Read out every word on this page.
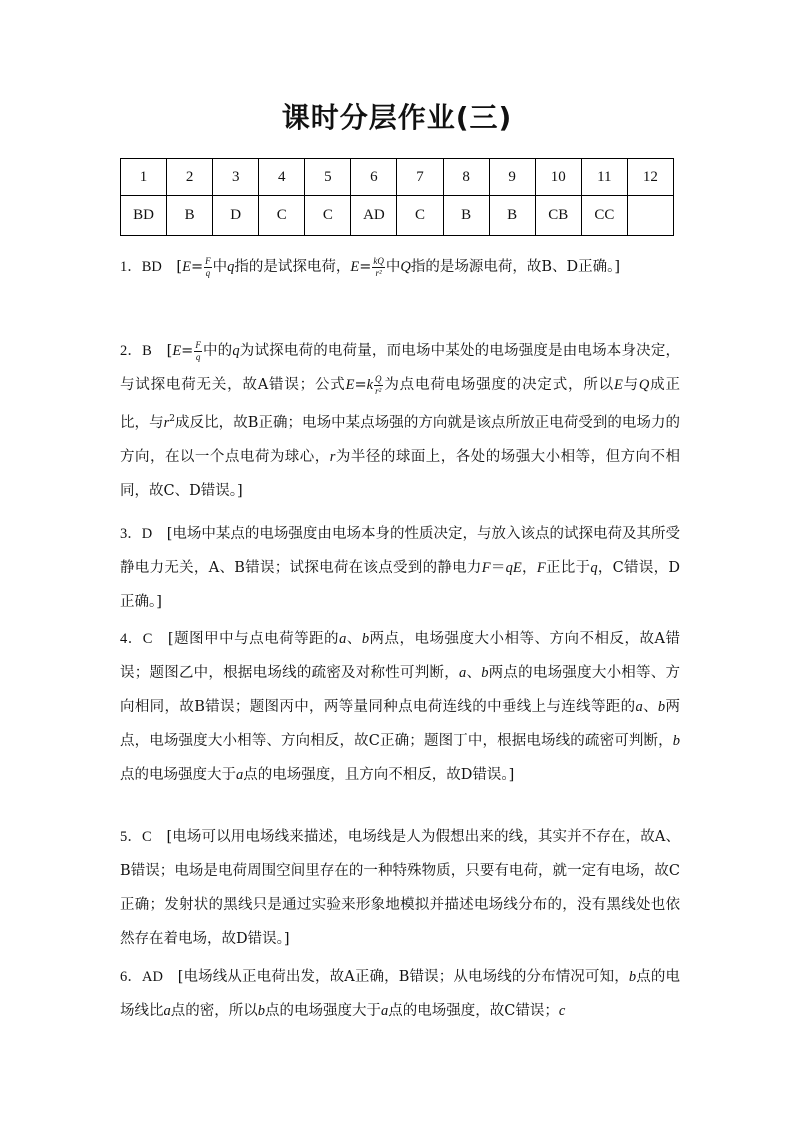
课时分层作业(三)
1	2	3	4	5	6	7	8	9	10	11	12
BD	B	D	C	C	AD	C	B	B	CB	CC	
1．BD　 [$E= \frac{F}{q}$ 中q指的是试探电荷，$E= \frac{kQ}{\text{r²}}$ 中Q指的是场源电荷，故B、D正确。]
2．B　 [$E= \frac{F}{q}$ 中的q为试探电荷的电荷量，而电场中某处的电场强度是由电场本身决定，与试探电荷无关，故A错误；公式$E=k \frac{Q}{\text{r²}}$ 为点电荷电场强度的决定式，所以E与Q成正比，与$r^2$成反比，故B正确；电场中某点场强的方向就是该点所放正电荷受到的电场力的方向，在以一个点电荷为球心，r为半径的球面上，各处的场强大小相等，但方向不相同，故C、D错误。]
3．D　 [电场中某点的电场强度由电场本身的性质决定，与放入该点的试探电荷及其所受静电力无关，A、B错误；试探电荷在该点受到的静电力F＝qE，F正比于q，C错误，D正确。]
4．C　 [题图甲中与点电荷等距的a、b两点，电场强度大小相等、方向不相反，故A错误；题图乙中，根据电场线的疏密及对称性可判断，a、b两点的电场强度大小相等、方向相同，故B错误；题图丙中，两等量同种点电荷连线的中垂线上与连线等距的a、b两点，电场强度大小相等、方向相反，故C正确；题图丁中，根据电场线的疏密可判断，b点的电场强度大于a点的电场强度，且方向不相反，故D错误。]
5．C　 [电场可以用电场线来描述，电场线是人为假想出来的线，其实并不存在，故A、B错误；电场是电荷周围空间里存在的一种特殊物质，只要有电荷，就一定有电场，故C正确；发射状的黑线只是通过实验来形象地模拟并描述电场线分布的，没有黑线处也依然存在着电场，故D错误。]
6．AD　 [电场线从正电荷出发，故A正确，B错误；从电场线的分布情况可知，b点的电场线比a点的密，所以b点的电场强度大于a点的电场强度，故C错误；c
